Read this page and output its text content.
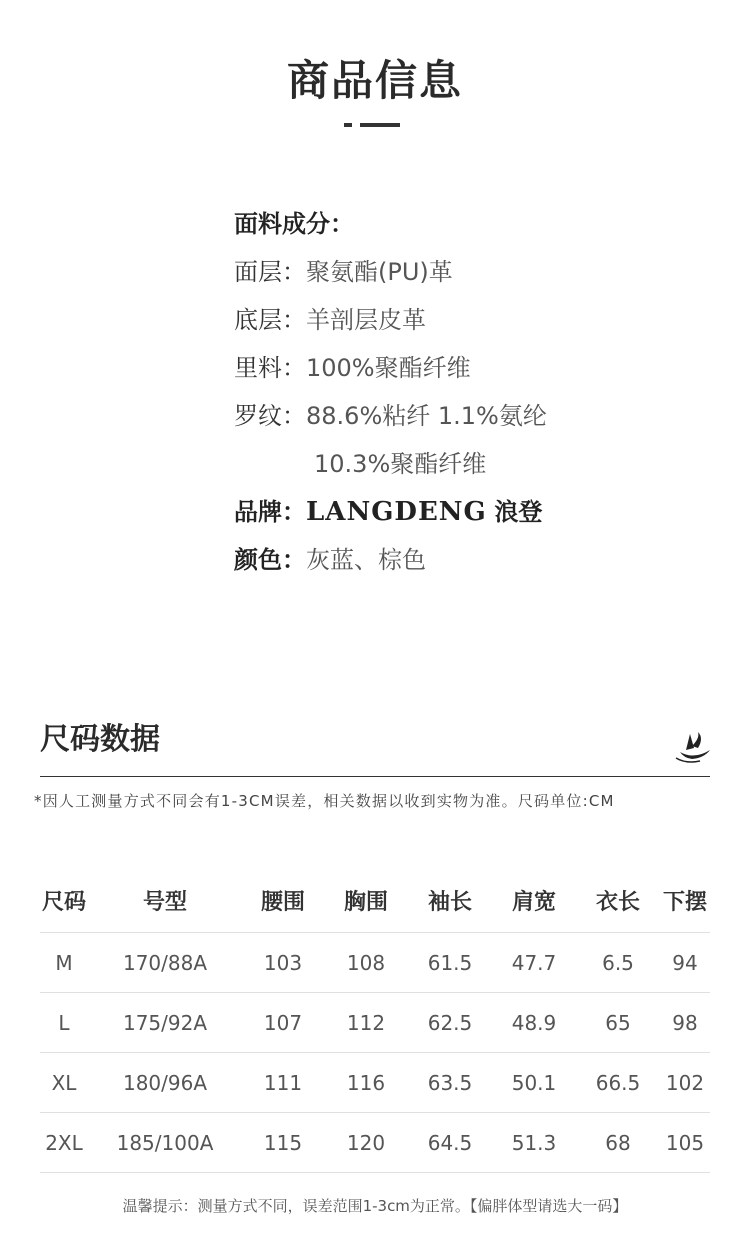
商品信息
面料成分：
面层：聚氨酯(PU)革
底层：羊剖层皮革
里料：100%聚酯纤维
罗纹：88.6%粘纤 1.1%氨纶
10.3%聚酯纤维
品牌：LANGDENG 浪登
颜色：灰蓝、棕色
尺码数据
*因人工测量方式不同会有1-3CM误差，相关数据以收到实物为准。尺码单位:CM
尺码	号型	腰围	胸围	袖长	肩宽	衣长	下摆
M	170/88A	103	108	61.5	47.7	6.5	94
L	175/92A	107	112	62.5	48.9	65	98
XL	180/96A	111	116	63.5	50.1	66.5	102
2XL	185/100A	115	120	64.5	51.3	68	105
温馨提示：测量方式不同，误差范围1-3cm为正常。【偏胖体型请选大一码】
